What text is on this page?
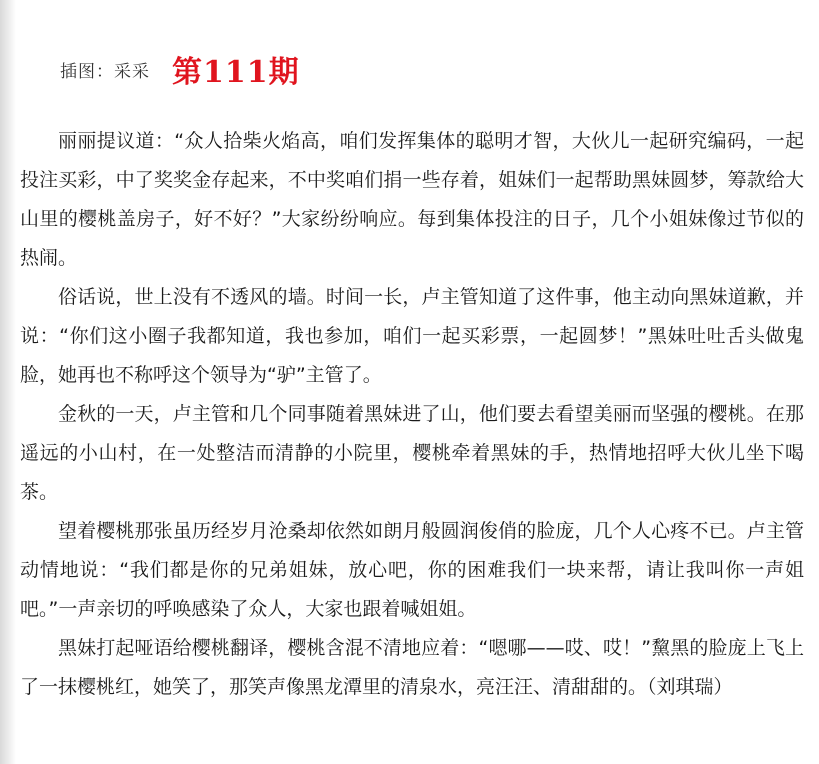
插图：采采 第111期

丽丽提议道：“众人拾柴火焰高，咱们发挥集体的聪明才智，大伙儿一起研究编码，一起投注买彩，中了奖奖金存起来，不中奖咱们捐一些存着，姐妹们一起帮助黑妹圆梦，筹款给大山里的樱桃盖房子，好不好？”大家纷纷响应。每到集体投注的日子，几个小姐妹像过节似的热闹。

俗话说，世上没有不透风的墙。时间一长，卢主管知道了这件事，他主动向黑妹道歉，并说：“你们这小圈子我都知道，我也参加，咱们一起买彩票，一起圆梦！”黑妹吐吐舌头做鬼脸，她再也不称呼这个领导为“驴”主管了。

金秋的一天，卢主管和几个同事随着黑妹进了山，他们要去看望美丽而坚强的樱桃。在那遥远的小山村，在一处整洁而清静的小院里，樱桃牵着黑妹的手，热情地招呼大伙儿坐下喝茶。

望着樱桃那张虽历经岁月沧桑却依然如朗月般圆润俊俏的脸庞，几个人心疼不已。卢主管动情地说：“我们都是你的兄弟姐妹，放心吧，你的困难我们一块来帮，请让我叫你一声姐吧。”一声亲切的呼唤感染了众人，大家也跟着喊姐姐。

黑妹打起哑语给樱桃翻译，樱桃含混不清地应着：“嗯哪——哎、哎！”黧黑的脸庞上飞上了一抹樱桃红，她笑了，那笑声像黑龙潭里的清泉水，亮汪汪、清甜甜的。（刘琪瑞）
